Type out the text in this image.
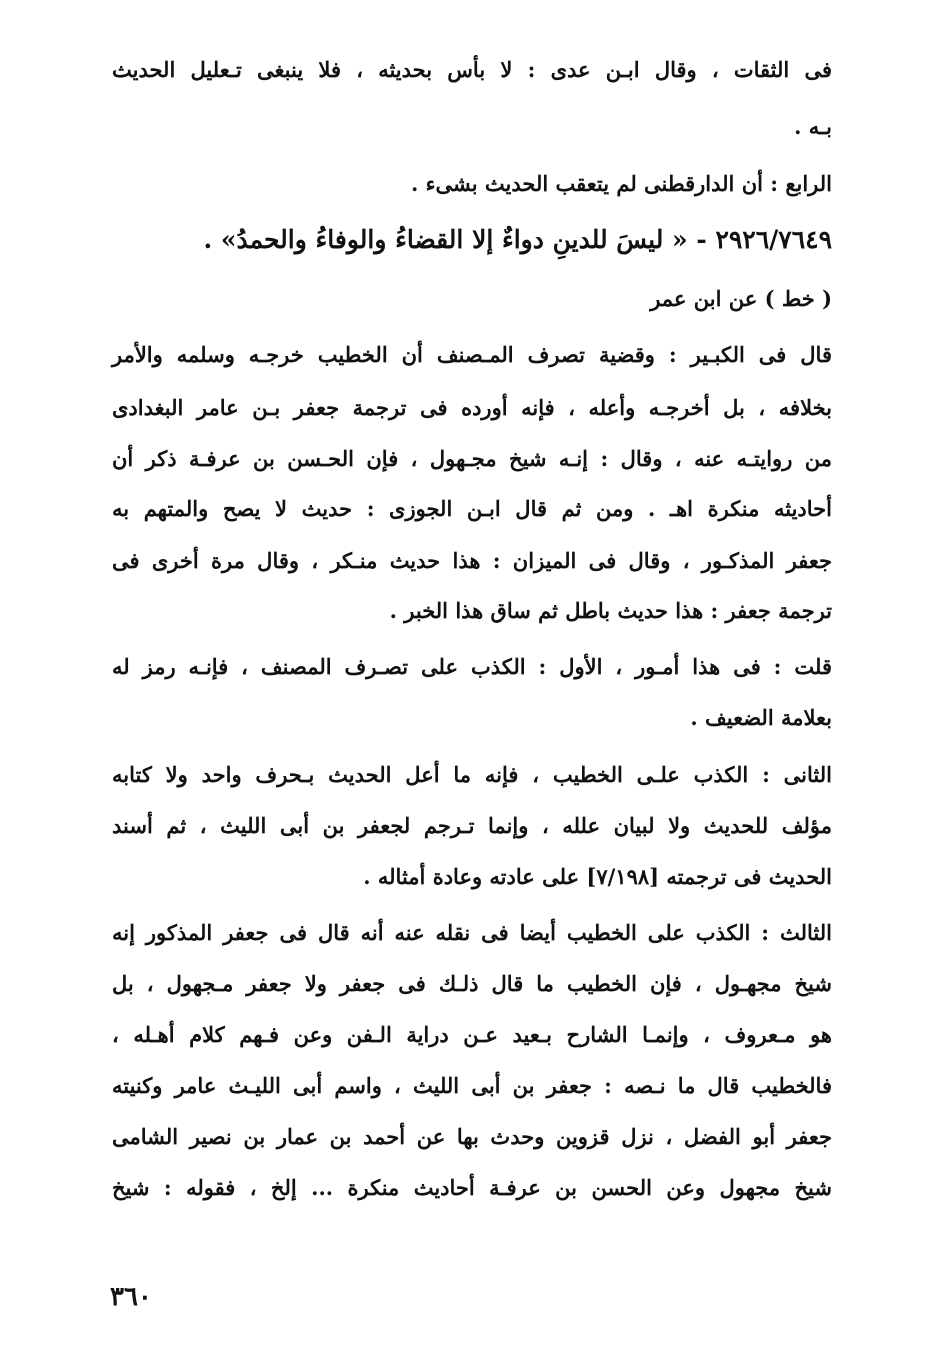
فى الثقات ، وقال ابـن عدى : لا بأس بحديثه ، فلا ينبغى تـعليل الحديث
بـه .
الرابع : أن الدارقطنى لم يتعقب الحديث بشىء .
٢٩٢٦/٧٦٤٩ - « ليسَ للدينِ دواءٌ إلا القضاءُ والوفاءُ والحمدُ» .
( خط ) عن ابن عمر
قال فى الكبـير : وقضية تصرف المـصنف أن الخطيب خرجـه وسلمه والأمر
بخلافه ، بل أخرجـه وأعله ، فإنه أورده فى ترجمة جعفر بـن عامر البغدادى
من روايتـه عنه ، وقال : إنـه شيخ مجـهول ، فإن الحـسن بن عرفـة ذكر أن
أحاديثه منكرة اهـ . ومن ثم قال ابـن الجوزى : حديث لا يصح والمتهم به
جعفر المذكـور ، وقال فى الميزان : هذا حديث منـكر ، وقال مرة أخرى فى
ترجمة جعفر : هذا حديث باطل ثم ساق هذا الخبر .
قلت : فى هذا أمـور ، الأول : الكذب على تصـرف المصنف ، فإنـه رمز له
بعلامة الضعيف .
الثانى : الكذب علـى الخطيب ، فإنه ما أعل الحديث بـحرف واحد ولا كتابه
مؤلف للحديث ولا لبيان علله ، وإنما تـرجم لجعفر بن أبى الليث ، ثم أسند
الحديث فى ترجمته [٧/١٩٨] على عادته وعادة أمثاله .
الثالث : الكذب على الخطيب أيضا فى نقله عنه أنه قال فى جعفر المذكور إنه
شيخ مجهـول ، فإن الخطيب ما قال ذلـك فى جعفر ولا جعفر مـجهول ، بل
هو مـعروف ، وإنمـا الشارح بـعيد عـن دراية الـفن وعن فـهم كلام أهـله ،
فالخطيب قال ما نـصه : جعفر بن أبى الليث ، واسم أبى الليـث عامر وكنيته
جعفر أبو الفضل ، نزل قزوين وحدث بها عن أحمد بن عمار بن نصير الشامى
شيخ مجهول وعن الحسن بن عرفـة أحاديث منكرة ... إلخ ، فقوله : شيخ
٣٦٠
